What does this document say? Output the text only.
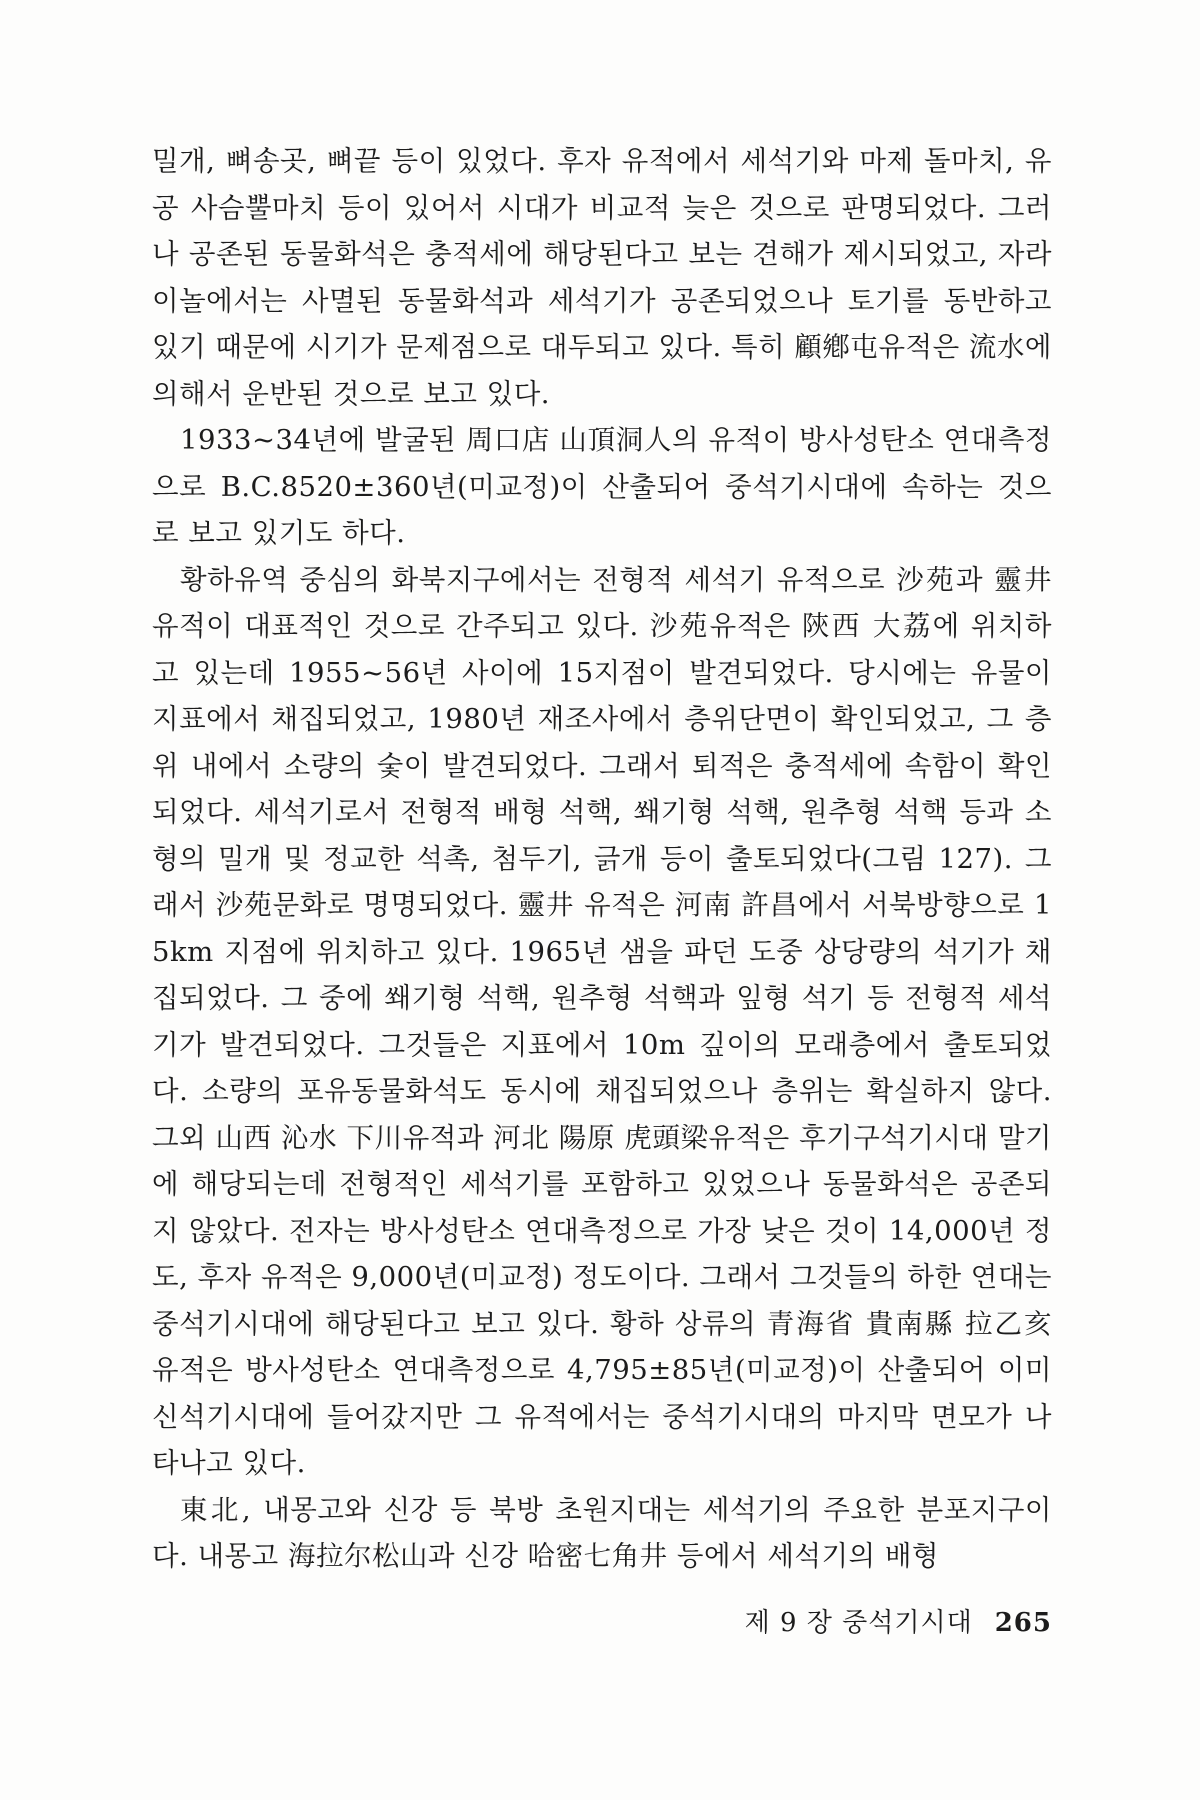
밀개, 뼈송곳, 뼈끝 등이 있었다. 후자 유적에서 세석기와 마제 돌마치, 유공 사슴뿔마치 등이 있어서 시대가 비교적 늦은 것으로 판명되었다. 그러나 공존된 동물화석은 충적세에 해당된다고 보는 견해가 제시되었고, 자라이놀에서는 사멸된 동물화석과 세석기가 공존되었으나 토기를 동반하고 있기 때문에 시기가 문제점으로 대두되고 있다. 특히 顧鄕屯유적은 流水에 의해서 운반된 것으로 보고 있다.

1933~34년에 발굴된 周口店 山頂洞人의 유적이 방사성탄소 연대측정으로 B.C.8520±360년(미교정)이 산출되어 중석기시대에 속하는 것으로 보고 있기도 하다.

황하유역 중심의 화북지구에서는 전형적 세석기 유적으로 沙苑과 靈井유적이 대표적인 것으로 간주되고 있다. 沙苑유적은 陝西 大荔에 위치하고 있는데 1955~56년 사이에 15지점이 발견되었다. 당시에는 유물이 지표에서 채집되었고, 1980년 재조사에서 층위단면이 확인되었고, 그 층위 내에서 소량의 숯이 발견되었다. 그래서 퇴적은 충적세에 속함이 확인되었다. 세석기로서 전형적 배형 석핵, 쐐기형 석핵, 원추형 석핵 등과 소형의 밀개 및 정교한 석촉, 첨두기, 긁개 등이 출토되었다(그림 127). 그래서 沙苑문화로 명명되었다. 靈井 유적은 河南 許昌에서 서북방향으로 15km 지점에 위치하고 있다. 1965년 샘을 파던 도중 상당량의 석기가 채집되었다. 그 중에 쐐기형 석핵, 원추형 석핵과 잎형 석기 등 전형적 세석기가 발견되었다. 그것들은 지표에서 10m 깊이의 모래층에서 출토되었다. 소량의 포유동물화석도 동시에 채집되었으나 층위는 확실하지 않다. 그외 山西 沁水 下川유적과 河北 陽原 虎頭梁유적은 후기구석기시대 말기에 해당되는데 전형적인 세석기를 포함하고 있었으나 동물화석은 공존되지 않았다. 전자는 방사성탄소 연대측정으로 가장 낮은 것이 14,000년 정도, 후자 유적은 9,000년(미교정) 정도이다. 그래서 그것들의 하한 연대는 중석기시대에 해당된다고 보고 있다. 황하 상류의 青海省 貴南縣 拉乙亥유적은 방사성탄소 연대측정으로 4,795±85년(미교정)이 산출되어 이미 신석기시대에 들어갔지만 그 유적에서는 중석기시대의 마지막 면모가 나타나고 있다.

東北, 내몽고와 신강 등 북방 초원지대는 세석기의 주요한 분포지구이다. 내몽고 海拉尔松山과 신강 哈密七角井 등에서 세석기의 배형

제 9 장 중석기시대 265
